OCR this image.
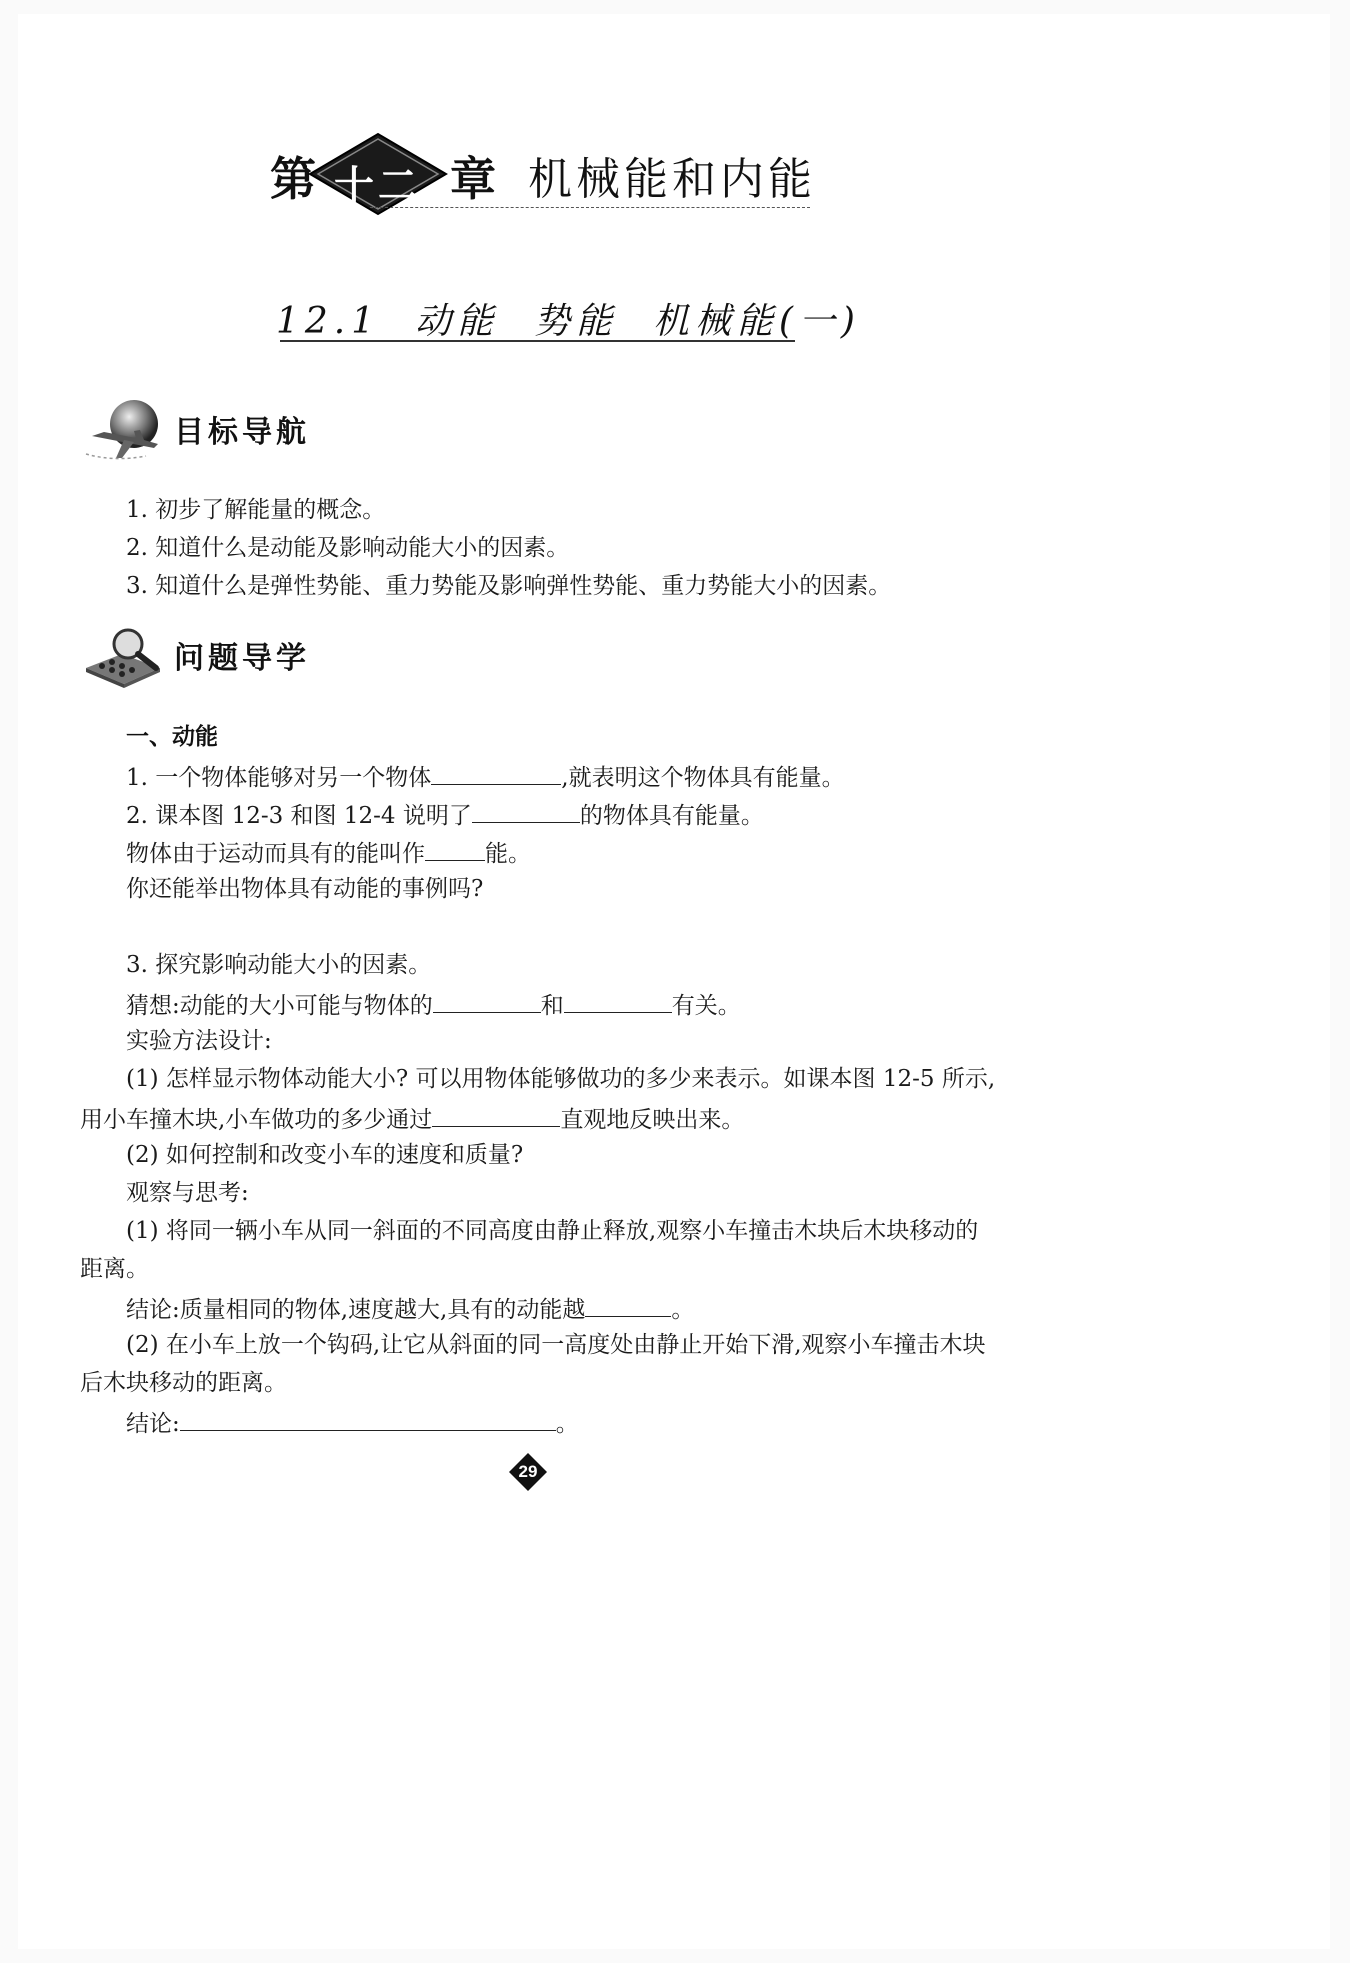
第 十二 章 机械能和内能
12.1  动能  势能  机械能(一)
目标导航
1. 初步了解能量的概念。
2. 知道什么是动能及影响动能大小的因素。
3. 知道什么是弹性势能、重力势能及影响弹性势能、重力势能大小的因素。
问题导学
一、动能
1. 一个物体能够对另一个物体	,就表明这个物体具有能量。
2. 课本图 12-3 和图 12-4 说明了	的物体具有能量。
物体由于运动而具有的能叫作	能。
你还能举出物体具有动能的事例吗?
3. 探究影响动能大小的因素。
猜想:动能的大小可能与物体的	和	有关。
实验方法设计:
(1) 怎样显示物体动能大小? 可以用物体能够做功的多少来表示。如课本图 12-5 所示,
用小车撞木块,小车做功的多少通过	直观地反映出来。
(2) 如何控制和改变小车的速度和质量?
观察与思考:
(1) 将同一辆小车从同一斜面的不同高度由静止释放,观察小车撞击木块后木块移动的
距离。
结论:质量相同的物体,速度越大,具有的动能越	。
(2) 在小车上放一个钩码,让它从斜面的同一高度处由静止开始下滑,观察小车撞击木块
后木块移动的距离。
结论:	。
29
